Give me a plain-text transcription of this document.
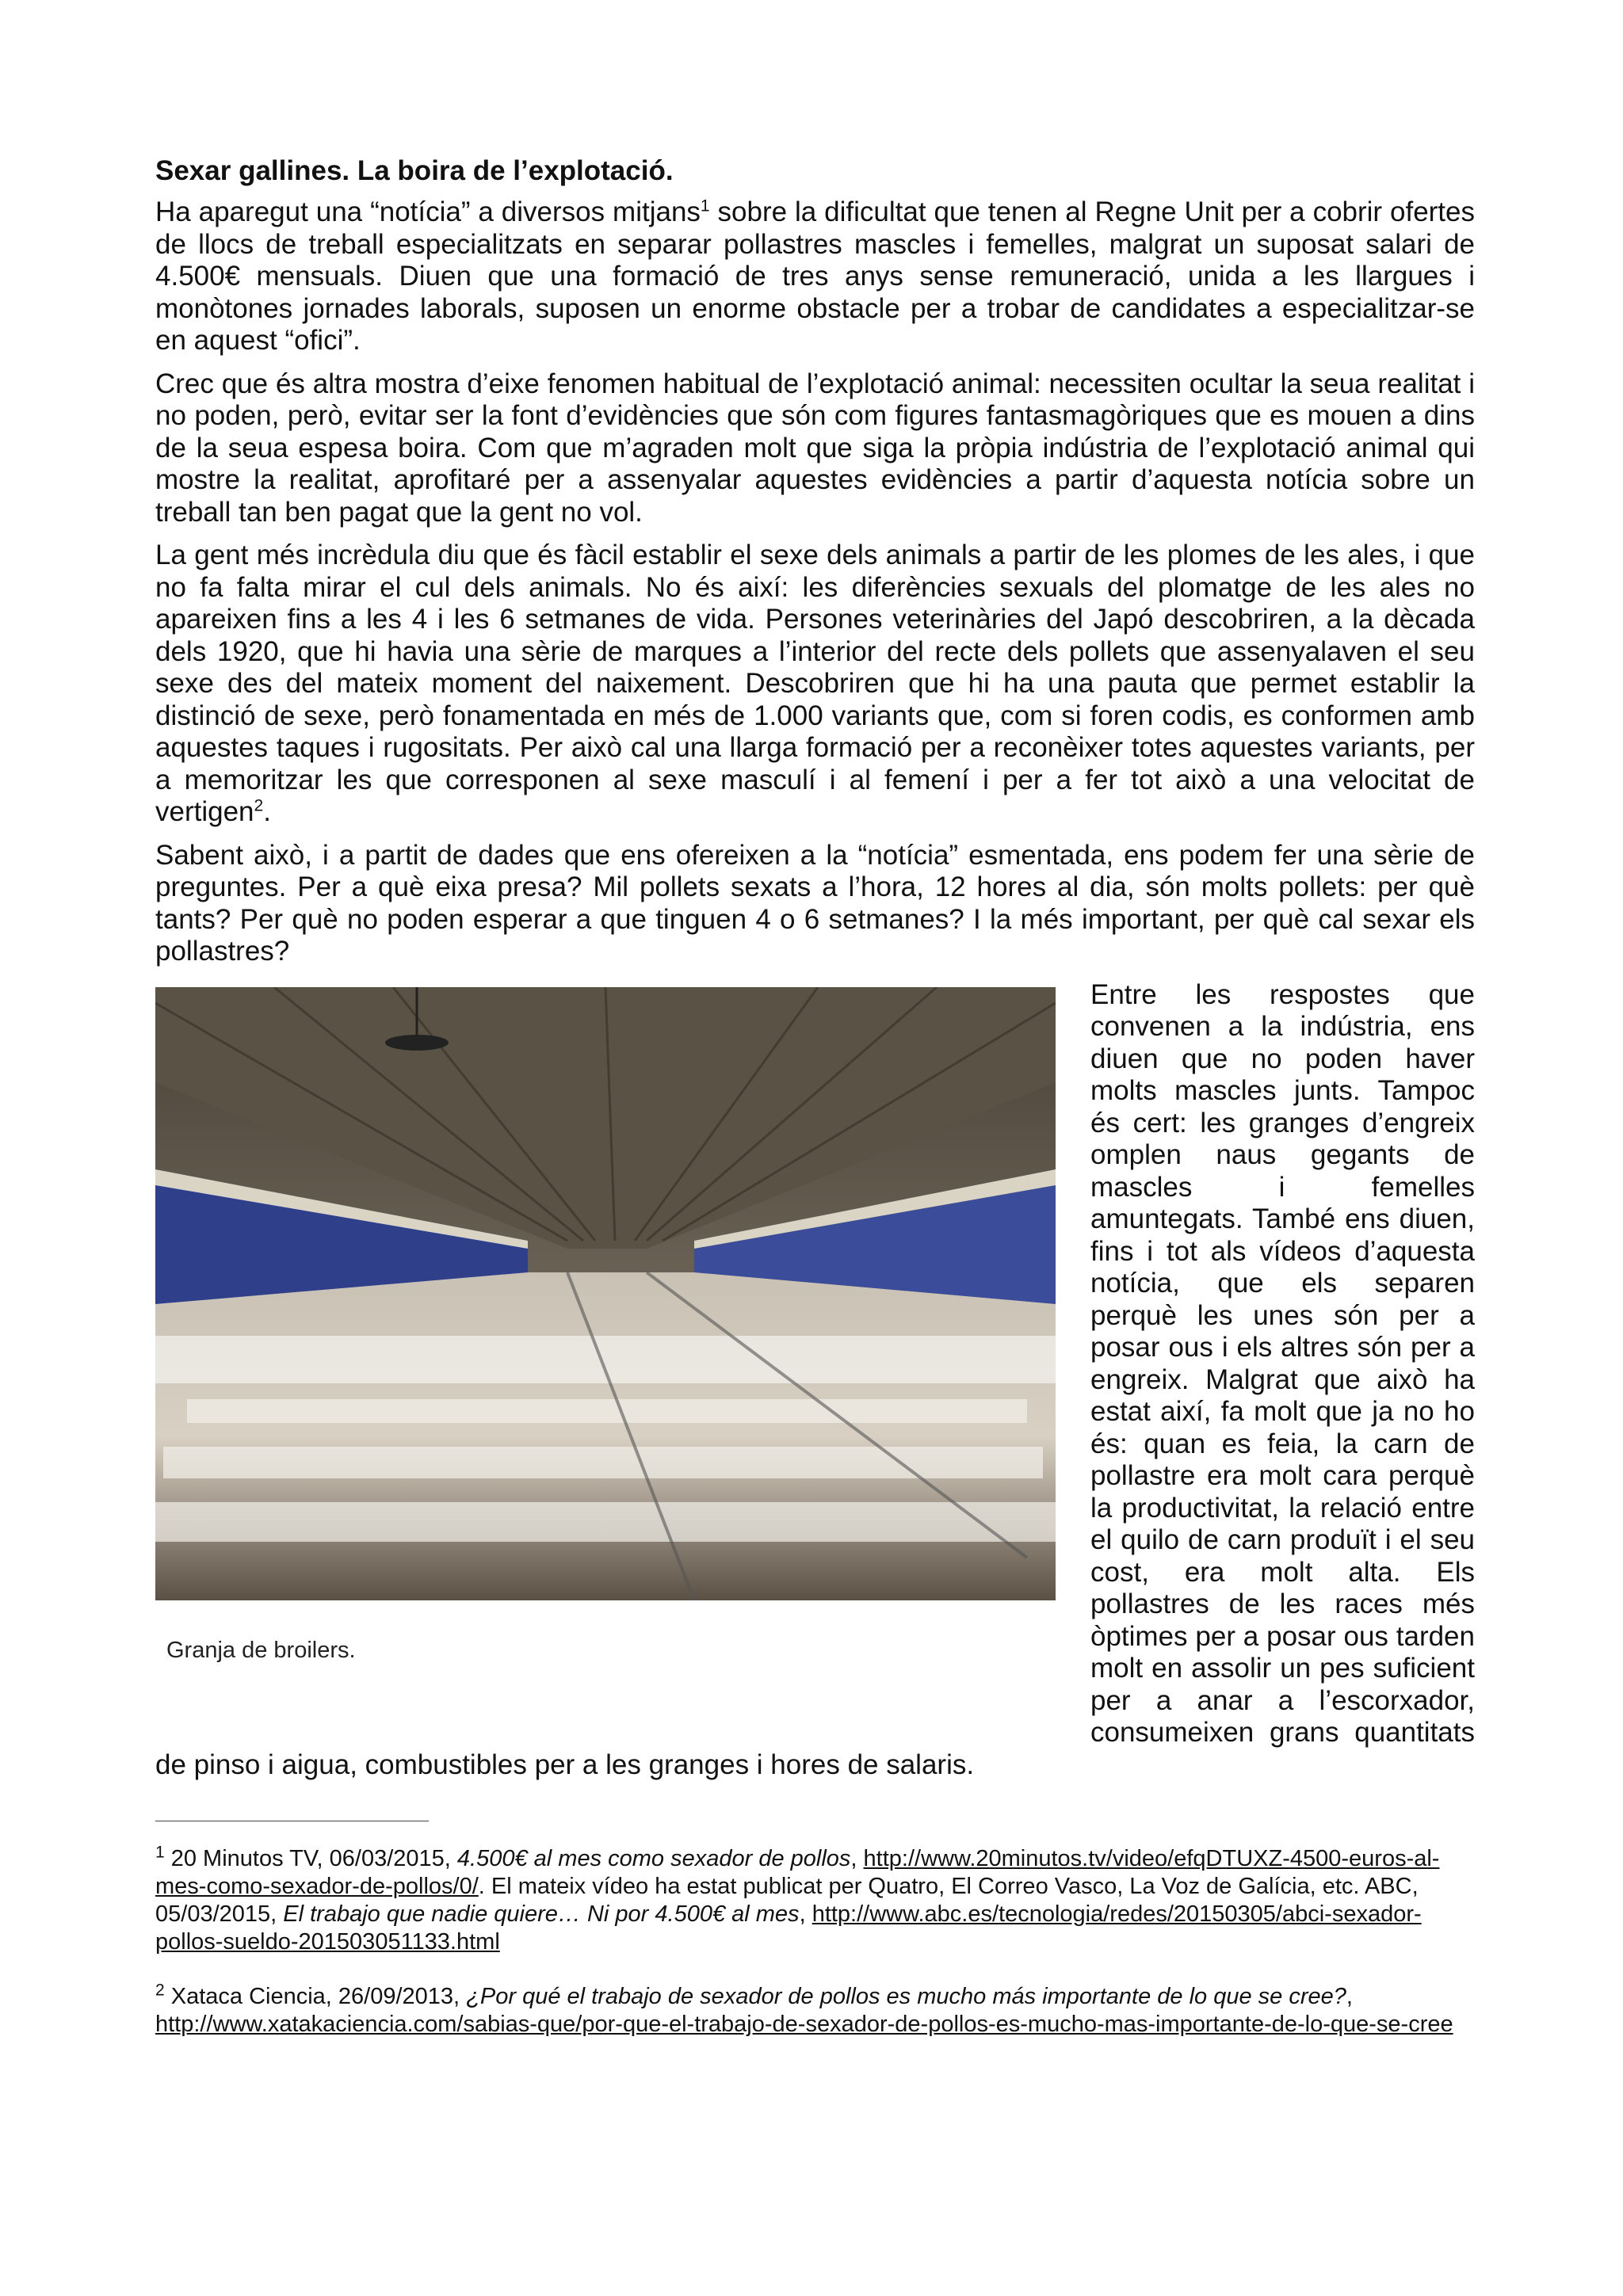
Sexar gallines. La boira de l’explotació.

Ha aparegut una “notícia” a diversos mitjans$^1$ sobre la dificultat que tenen al Regne Unit per a cobrir ofertes de llocs de treball especialitzats en separar pollastres mascles i femelles, malgrat un suposat salari de 4.500€ mensuals. Diuen que una formació de tres anys sense remuneració, unida a les llargues i monòtones jornades laborals, suposen un enorme obstacle per a trobar de candidates a especialitzar-se en aquest “ofici”.

Crec que és altra mostra d’eixe fenomen habitual de l’explotació animal: necessiten ocultar la seua realitat i no poden, però, evitar ser la font d’evidències que són com figures fantasmagòriques que es mouen a dins de la seua espesa boira. Com que m’agraden molt que siga la pròpia indústria de l’explotació animal qui mostre la realitat, aprofitaré per a assenyalar aquestes evidències a partir d’aquesta notícia sobre un treball tan ben pagat que la gent no vol.

La gent més incrèdula diu que és fàcil establir el sexe dels animals a partir de les plomes de les ales, i que no fa falta mirar el cul dels animals. No és així: les diferències sexuals del plomatge de les ales no apareixen fins a les 4 i les 6 setmanes de vida. Persones veterinàries del Japó descobriren, a la dècada dels 1920, que hi havia una sèrie de marques a l’interior del recte dels pollets que assenyalaven el seu sexe des del mateix moment del naixement. Descobriren que hi ha una pauta que permet establir la distinció de sexe, però fonamentada en més de 1.000 variants que, com si foren codis, es conformen amb aquestes taques i rugositats. Per això cal una llarga formació per a reconèixer totes aquestes variants, per a memoritzar les que corresponen al sexe masculí i al femení i per a fer tot això a una velocitat de vertigen$^2$.

Sabent això, i a partit de dades que ens ofereixen a la “notícia” esmentada, ens podem fer una sèrie de preguntes. Per a què eixa presa? Mil pollets sexats a l’hora, 12 hores al dia, són molts pollets: per què tants? Per què no poden esperar a que tinguen 4 o 6 setmanes? I la més important, per què cal sexar els pollastres?

Granja de broilers.

Entre les respostes que convenen a la indústria, ens diuen que no poden haver molts mascles junts. Tampoc és cert: les granges d’engreix omplen naus gegants de mascles i femelles amuntegats. També ens diuen, fins i tot als vídeos d’aquesta notícia, que els separen perquè les unes són per a posar ous i els altres són per a engreix. Malgrat que això ha estat així, fa molt que ja no ho és: quan es feia, la carn de pollastre era molt cara perquè la productivitat, la relació entre el quilo de carn produït i el seu cost, era molt alta. Els pollastres de les races més òptimes per a posar ous tarden molt en assolir un pes suficient per a anar a l’escorxador, consumeixen grans quantitats de pinso i aigua, combustibles per a les granges i hores de salaris.

$^1$ 20 Minutos TV, 06/03/2015, 4.500€ al mes como sexador de pollos, http://www.20minutos.tv/video/efqDTUXZ-4500-euros-al-mes-como-sexador-de-pollos/0/. El mateix vídeo ha estat publicat per Quatro, El Correo Vasco, La Voz de Galícia, etc. ABC, 05/03/2015, El trabajo que nadie quiere… Ni por 4.500€ al mes, http://www.abc.es/tecnologia/redes/20150305/abci-sexador-pollos-sueldo-201503051133.html
$^2$ Xataca Ciencia, 26/09/2013, ¿Por qué el trabajo de sexador de pollos es mucho más importante de lo que se cree?, http://www.xatakaciencia.com/sabias-que/por-que-el-trabajo-de-sexador-de-pollos-es-mucho-mas-importante-de-lo-que-se-cree
